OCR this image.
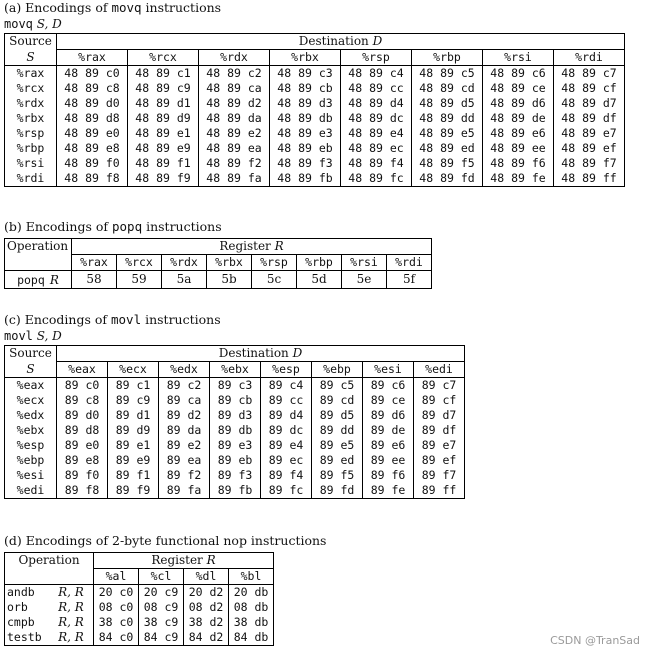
(a) Encodings of movq instructions
movq S, D
Source	Destination D							
S	%rax	%rcx	%rdx	%rbx	%rsp	%rbp	%rsi	%rdi
%rax	48 89 c0	48 89 c1	48 89 c2	48 89 c3	48 89 c4	48 89 c5	48 89 c6	48 89 c7
%rcx	48 89 c8	48 89 c9	48 89 ca	48 89 cb	48 89 cc	48 89 cd	48 89 ce	48 89 cf
%rdx	48 89 d0	48 89 d1	48 89 d2	48 89 d3	48 89 d4	48 89 d5	48 89 d6	48 89 d7
%rbx	48 89 d8	48 89 d9	48 89 da	48 89 db	48 89 dc	48 89 dd	48 89 de	48 89 df
%rsp	48 89 e0	48 89 e1	48 89 e2	48 89 e3	48 89 e4	48 89 e5	48 89 e6	48 89 e7
%rbp	48 89 e8	48 89 e9	48 89 ea	48 89 eb	48 89 ec	48 89 ed	48 89 ee	48 89 ef
%rsi	48 89 f0	48 89 f1	48 89 f2	48 89 f3	48 89 f4	48 89 f5	48 89 f6	48 89 f7
%rdi	48 89 f8	48 89 f9	48 89 fa	48 89 fb	48 89 fc	48 89 fd	48 89 fe	48 89 ff
(b) Encodings of popq instructions
Operation	Register R							
	%rax	%rcx	%rdx	%rbx	%rsp	%rbp	%rsi	%rdi
popq R	58	59	5a	5b	5c	5d	5e	5f
(c) Encodings of movl instructions
movl S, D
Source	Destination D							
S	%eax	%ecx	%edx	%ebx	%esp	%ebp	%esi	%edi
%eax	89 c0	89 c1	89 c2	89 c3	89 c4	89 c5	89 c6	89 c7
%ecx	89 c8	89 c9	89 ca	89 cb	89 cc	89 cd	89 ce	89 cf
%edx	89 d0	89 d1	89 d2	89 d3	89 d4	89 d5	89 d6	89 d7
%ebx	89 d8	89 d9	89 da	89 db	89 dc	89 dd	89 de	89 df
%esp	89 e0	89 e1	89 e2	89 e3	89 e4	89 e5	89 e6	89 e7
%ebp	89 e8	89 e9	89 ea	89 eb	89 ec	89 ed	89 ee	89 ef
%esi	89 f0	89 f1	89 f2	89 f3	89 f4	89 f5	89 f6	89 f7
%edi	89 f8	89 f9	89 fa	89 fb	89 fc	89 fd	89 fe	89 ff
(d) Encodings of 2-byte functional nop instructions
Operation		Register R			
		%al	%cl	%dl	%bl
andb	R, R	20 c0	20 c9	20 d2	20 db
orb	R, R	08 c0	08 c9	08 d2	08 db
cmpb	R, R	38 c0	38 c9	38 d2	38 db
testb	R, R	84 c0	84 c9	84 d2	84 db	CSDN @TranSad
